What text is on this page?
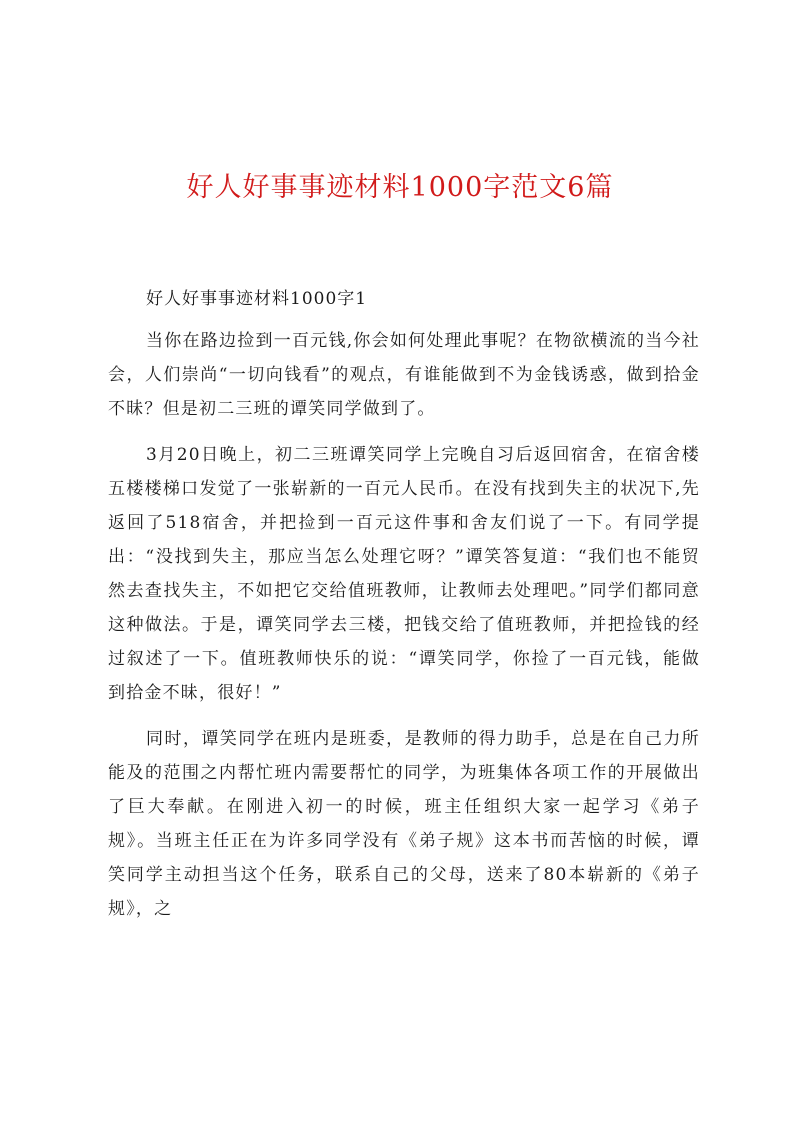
好人好事事迹材料1000字范文6篇
好人好事事迹材料1000字1

当你在路边捡到一百元钱,你会如何处理此事呢？在物欲横流的当今社会，人们崇尚“一切向钱看”的观点，有谁能做到不为金钱诱惑，做到拾金不昧？但是初二三班的谭笑同学做到了。

3月20日晚上，初二三班谭笑同学上完晚自习后返回宿舍，在宿舍楼五楼楼梯口发觉了一张崭新的一百元人民币。在没有找到失主的状况下,先返回了518宿舍，并把捡到一百元这件事和舍友们说了一下。有同学提出：“没找到失主，那应当怎么处理它呀？”谭笑答复道：“我们也不能贸然去查找失主，不如把它交给值班教师，让教师去处理吧。”同学们都同意这种做法。于是，谭笑同学去三楼，把钱交给了值班教师，并把捡钱的经过叙述了一下。值班教师快乐的说：“谭笑同学，你捡了一百元钱，能做到拾金不昧，很好！”

同时，谭笑同学在班内是班委，是教师的得力助手，总是在自己力所能及的范围之内帮忙班内需要帮忙的同学，为班集体各项工作的开展做出了巨大奉献。在刚进入初一的时候，班主任组织大家一起学习《弟子规》。当班主任正在为许多同学没有《弟子规》这本书而苦恼的时候，谭笑同学主动担当这个任务，联系自己的父母，送来了80本崭新的《弟子规》，之
